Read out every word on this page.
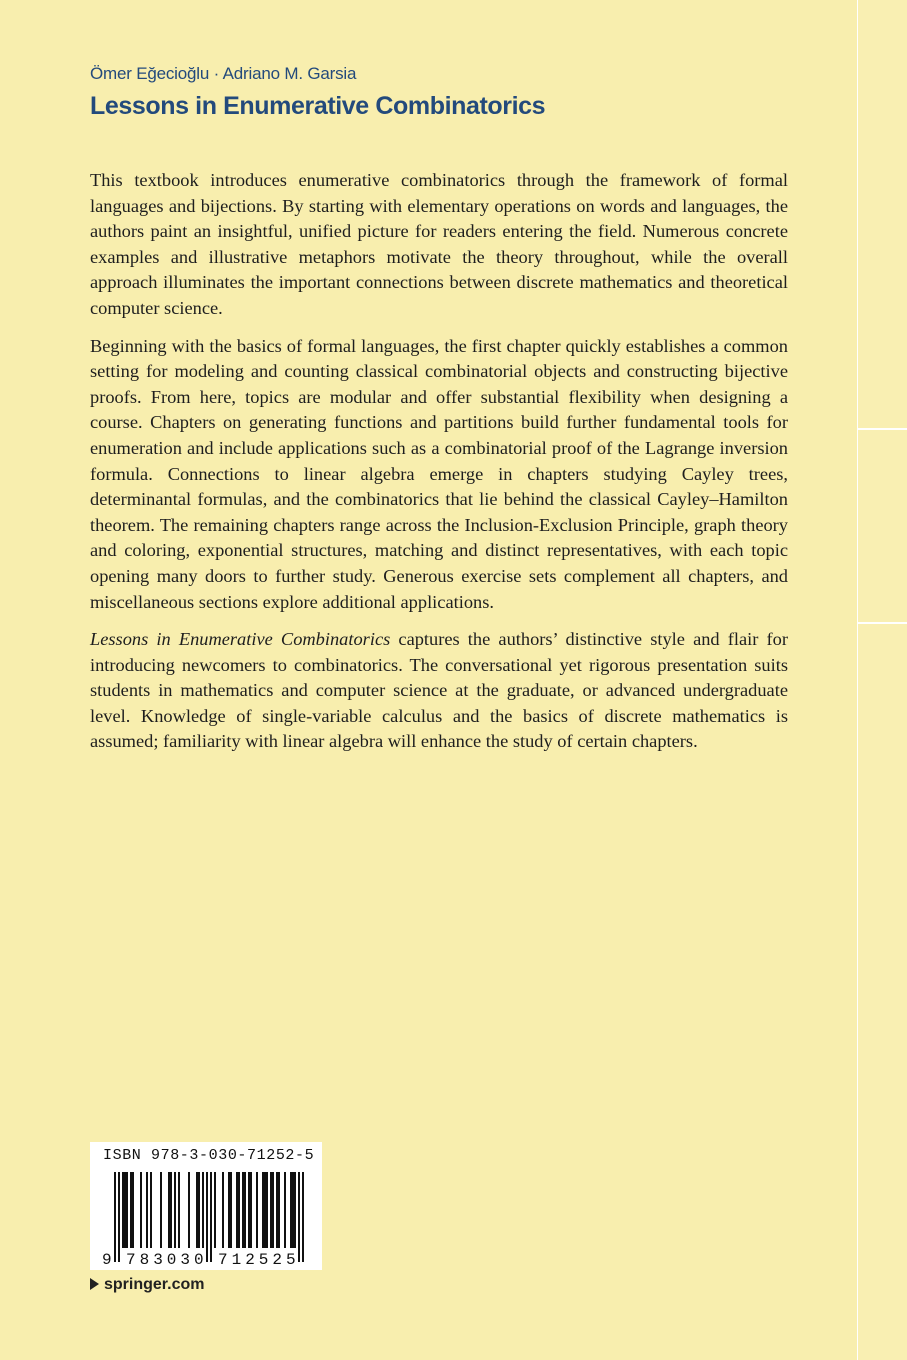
Ömer Eğecioğlu · Adriano M. Garsia
Lessons in Enumerative Combinatorics

This textbook introduces enumerative combinatorics through the framework of formal languages and bijections. By starting with elementary operations on words and languages, the authors paint an insightful, unified picture for readers entering the field. Numerous concrete examples and illustrative metaphors motivate the theory throughout, while the overall approach illuminates the important connections between discrete mathematics and theoretical computer science.

Beginning with the basics of formal languages, the first chapter quickly establishes a common setting for modeling and counting classical combinatorial objects and constructing bijective proofs. From here, topics are modular and offer substantial flexibility when designing a course. Chapters on generating functions and partitions build further fundamental tools for enumeration and include applications such as a combinatorial proof of the Lagrange inversion formula. Connections to linear algebra emerge in chapters studying Cayley trees, determinantal formulas, and the combinatorics that lie behind the classical Cayley–Hamilton theorem. The remaining chapters range across the Inclusion-Exclusion Principle, graph theory and coloring, exponential structures, matching and distinct representatives, with each topic opening many doors to further study. Generous exercise sets complement all chapters, and miscellaneous sections explore additional applications.

Lessons in Enumerative Combinatorics captures the authors’ distinctive style and flair for introducing newcomers to combinatorics. The conversational yet rigorous presentation suits students in mathematics and computer science at the graduate, or advanced undergraduate level. Knowledge of single-variable calculus and the basics of discrete mathematics is assumed; familiarity with linear algebra will enhance the study of certain chapters.

ISBN 978-3-030-71252-5
9 783030 712525
springer.com
